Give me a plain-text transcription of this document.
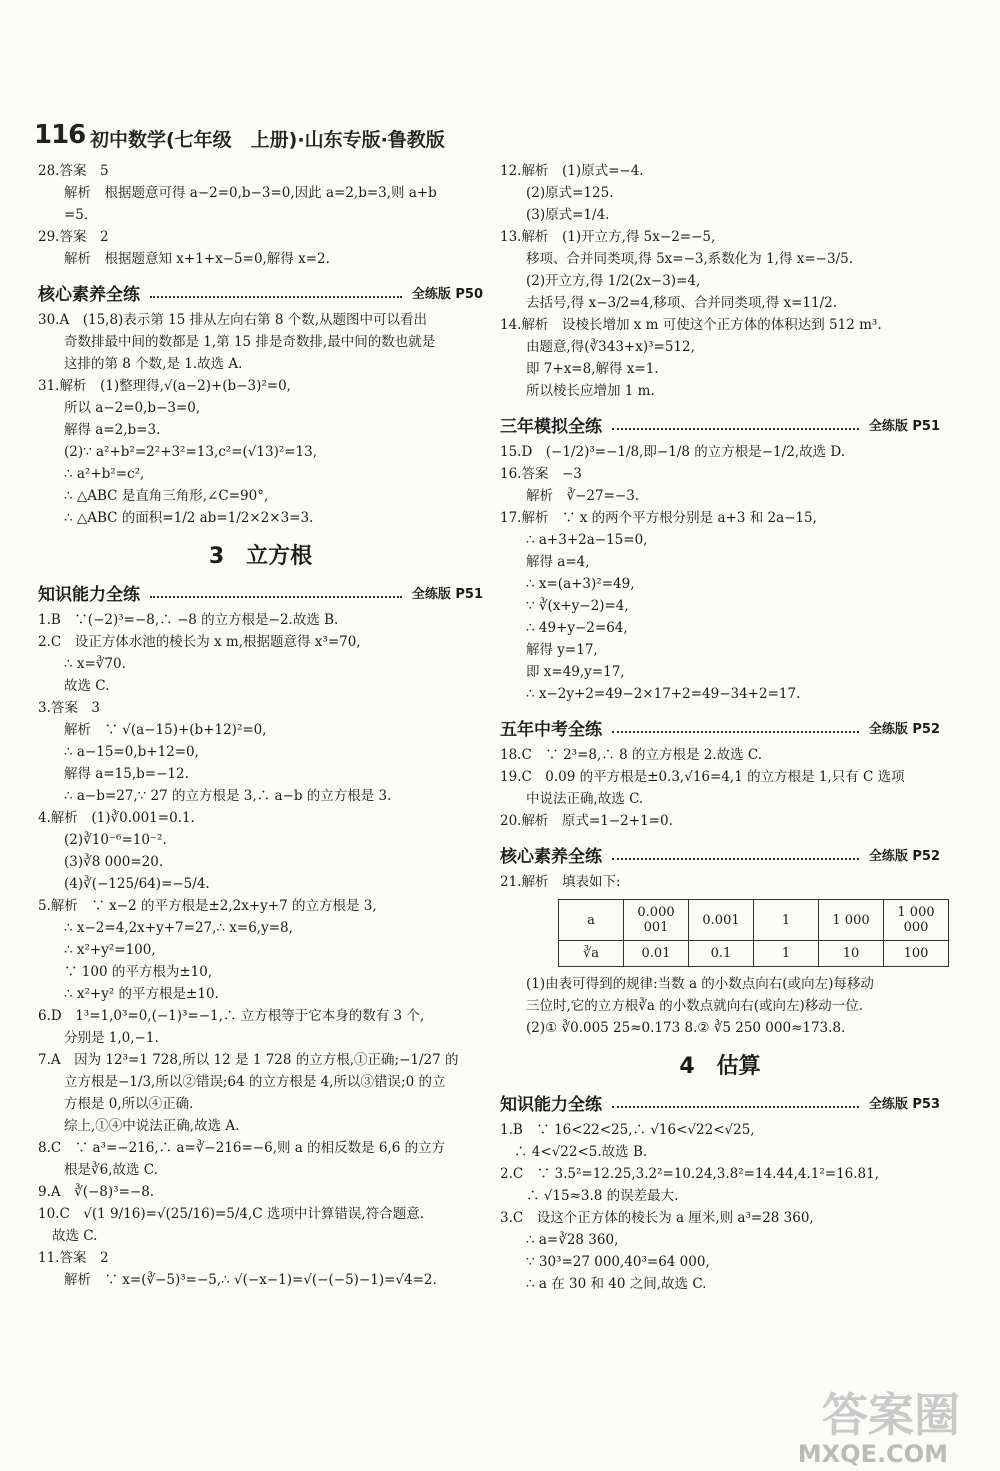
116 初中数学(七年级　上册)·山东专版·鲁教版
28.答案　5
解析　根据题意可得 a−2=0,b−3=0,因此 a=2,b=3,则 a+b
=5.
29.答案　2
解析　根据题意知 x+1+x−5=0,解得 x=2.
核心素养全练	全练版 P50
30.A　(15,8)表示第 15 排从左向右第 8 个数,从题图中可以看出
奇数排最中间的数都是 1,第 15 排是奇数排,最中间的数也就是
这排的第 8 个数,是 1.故选 A.
31.解析　(1)整理得,√(a−2)+(b−3)²=0,
所以 a−2=0,b−3=0,
解得 a=2,b=3.
(2)∵ a²+b²=2²+3²=13,c²=(√13)²=13,
∴ a²+b²=c²,
∴ △ABC 是直角三角形,∠C=90°,
∴ △ABC 的面积=1/2 ab=1/2×2×3=3.
3　立方根
知识能力全练	全练版 P51
1.B　∵(−2)³=−8,∴ −8 的立方根是−2.故选 B.
2.C　设正方体水池的棱长为 x m,根据题意得 x³=70,
∴ x=∛70.
故选 C.
3.答案　3
解析　∵ √(a−15)+(b+12)²=0,
∴ a−15=0,b+12=0,
解得 a=15,b=−12.
∴ a−b=27,∵ 27 的立方根是 3,∴ a−b 的立方根是 3.
4.解析　(1)∛0.001=0.1.
(2)∛10⁻⁶=10⁻².
(3)∛8 000=20.
(4)∛(−125/64)=−5/4.
5.解析　∵ x−2 的平方根是±2,2x+y+7 的立方根是 3,
∴ x−2=4,2x+y+7=27,∴ x=6,y=8,
∴ x²+y²=100,
∵ 100 的平方根为±10,
∴ x²+y² 的平方根是±10.
6.D　1³=1,0³=0,(−1)³=−1,∴ 立方根等于它本身的数有 3 个,
分别是 1,0,−1.
7.A　因为 12³=1 728,所以 12 是 1 728 的立方根,①正确;−1/27 的
立方根是−1/3,所以②错误;64 的立方根是 4,所以③错误;0 的立
方根是 0,所以④正确.
综上,①④中说法正确,故选 A.
8.C　∵ a³=−216,∴ a=∛−216=−6,则 a 的相反数是 6,6 的立方
根是∛6,故选 C.
9.A　∛(−8)³=−8.
10.C　√(1 9/16)=√(25/16)=5/4,C 选项中计算错误,符合题意.
故选 C.
11.答案　2
解析　∵ x=(∛−5)³=−5,∴ √(−x−1)=√(−(−5)−1)=√4=2.
12.解析　(1)原式=−4.
(2)原式=125.
(3)原式=1/4.
13.解析　(1)开立方,得 5x−2=−5,
移项、合并同类项,得 5x=−3,系数化为 1,得 x=−3/5.
(2)开立方,得 1/2(2x−3)=4,
去括号,得 x−3/2=4,移项、合并同类项,得 x=11/2.
14.解析　设棱长增加 x m 可使这个正方体的体积达到 512 m³.
由题意,得(∛343+x)³=512,
即 7+x=8,解得 x=1.
所以棱长应增加 1 m.
三年模拟全练	全练版 P51
15.D　(−1/2)³=−1/8,即−1/8 的立方根是−1/2,故选 D.
16.答案　−3
解析　∛−27=−3.
17.解析　∵ x 的两个平方根分别是 a+3 和 2a−15,
∴ a+3+2a−15=0,
解得 a=4,
∴ x=(a+3)²=49,
∵ ∛(x+y−2)=4,
∴ 49+y−2=64,
解得 y=17,
即 x=49,y=17,
∴ x−2y+2=49−2×17+2=49−34+2=17.
五年中考全练	全练版 P52
18.C　∵ 2³=8,∴ 8 的立方根是 2.故选 C.
19.C　0.09 的平方根是±0.3,√16=4,1 的立方根是 1,只有 C 选项
中说法正确,故选 C.
20.解析　原式=1−2+1=0.
核心素养全练	全练版 P52
21.解析　填表如下:
a	0.000 001	0.001	1	1 000	1 000 000
∛a	0.01	0.1	1	10	100
(1)由表可得到的规律:当数 a 的小数点向右(或向左)每移动
三位时,它的立方根∛a 的小数点就向右(或向左)移动一位.
(2)① ∛0.005 25≈0.173 8.② ∛5 250 000≈173.8.
4　估算
知识能力全练	全练版 P53
1.B　∵ 16<22<25,∴ √16<√22<√25,
∴ 4<√22<5.故选 B.
2.C　∵ 3.5²=12.25,3.2²=10.24,3.8²=14.44,4.1²=16.81,
∴ √15≈3.8 的误差最大.
3.C　设这个正方体的棱长为 a 厘米,则 a³=28 360,
∴ a=∛28 360,
∵ 30³=27 000,40³=64 000,
∴ a 在 30 和 40 之间,故选 C.
答案圈
MXQE.COM
